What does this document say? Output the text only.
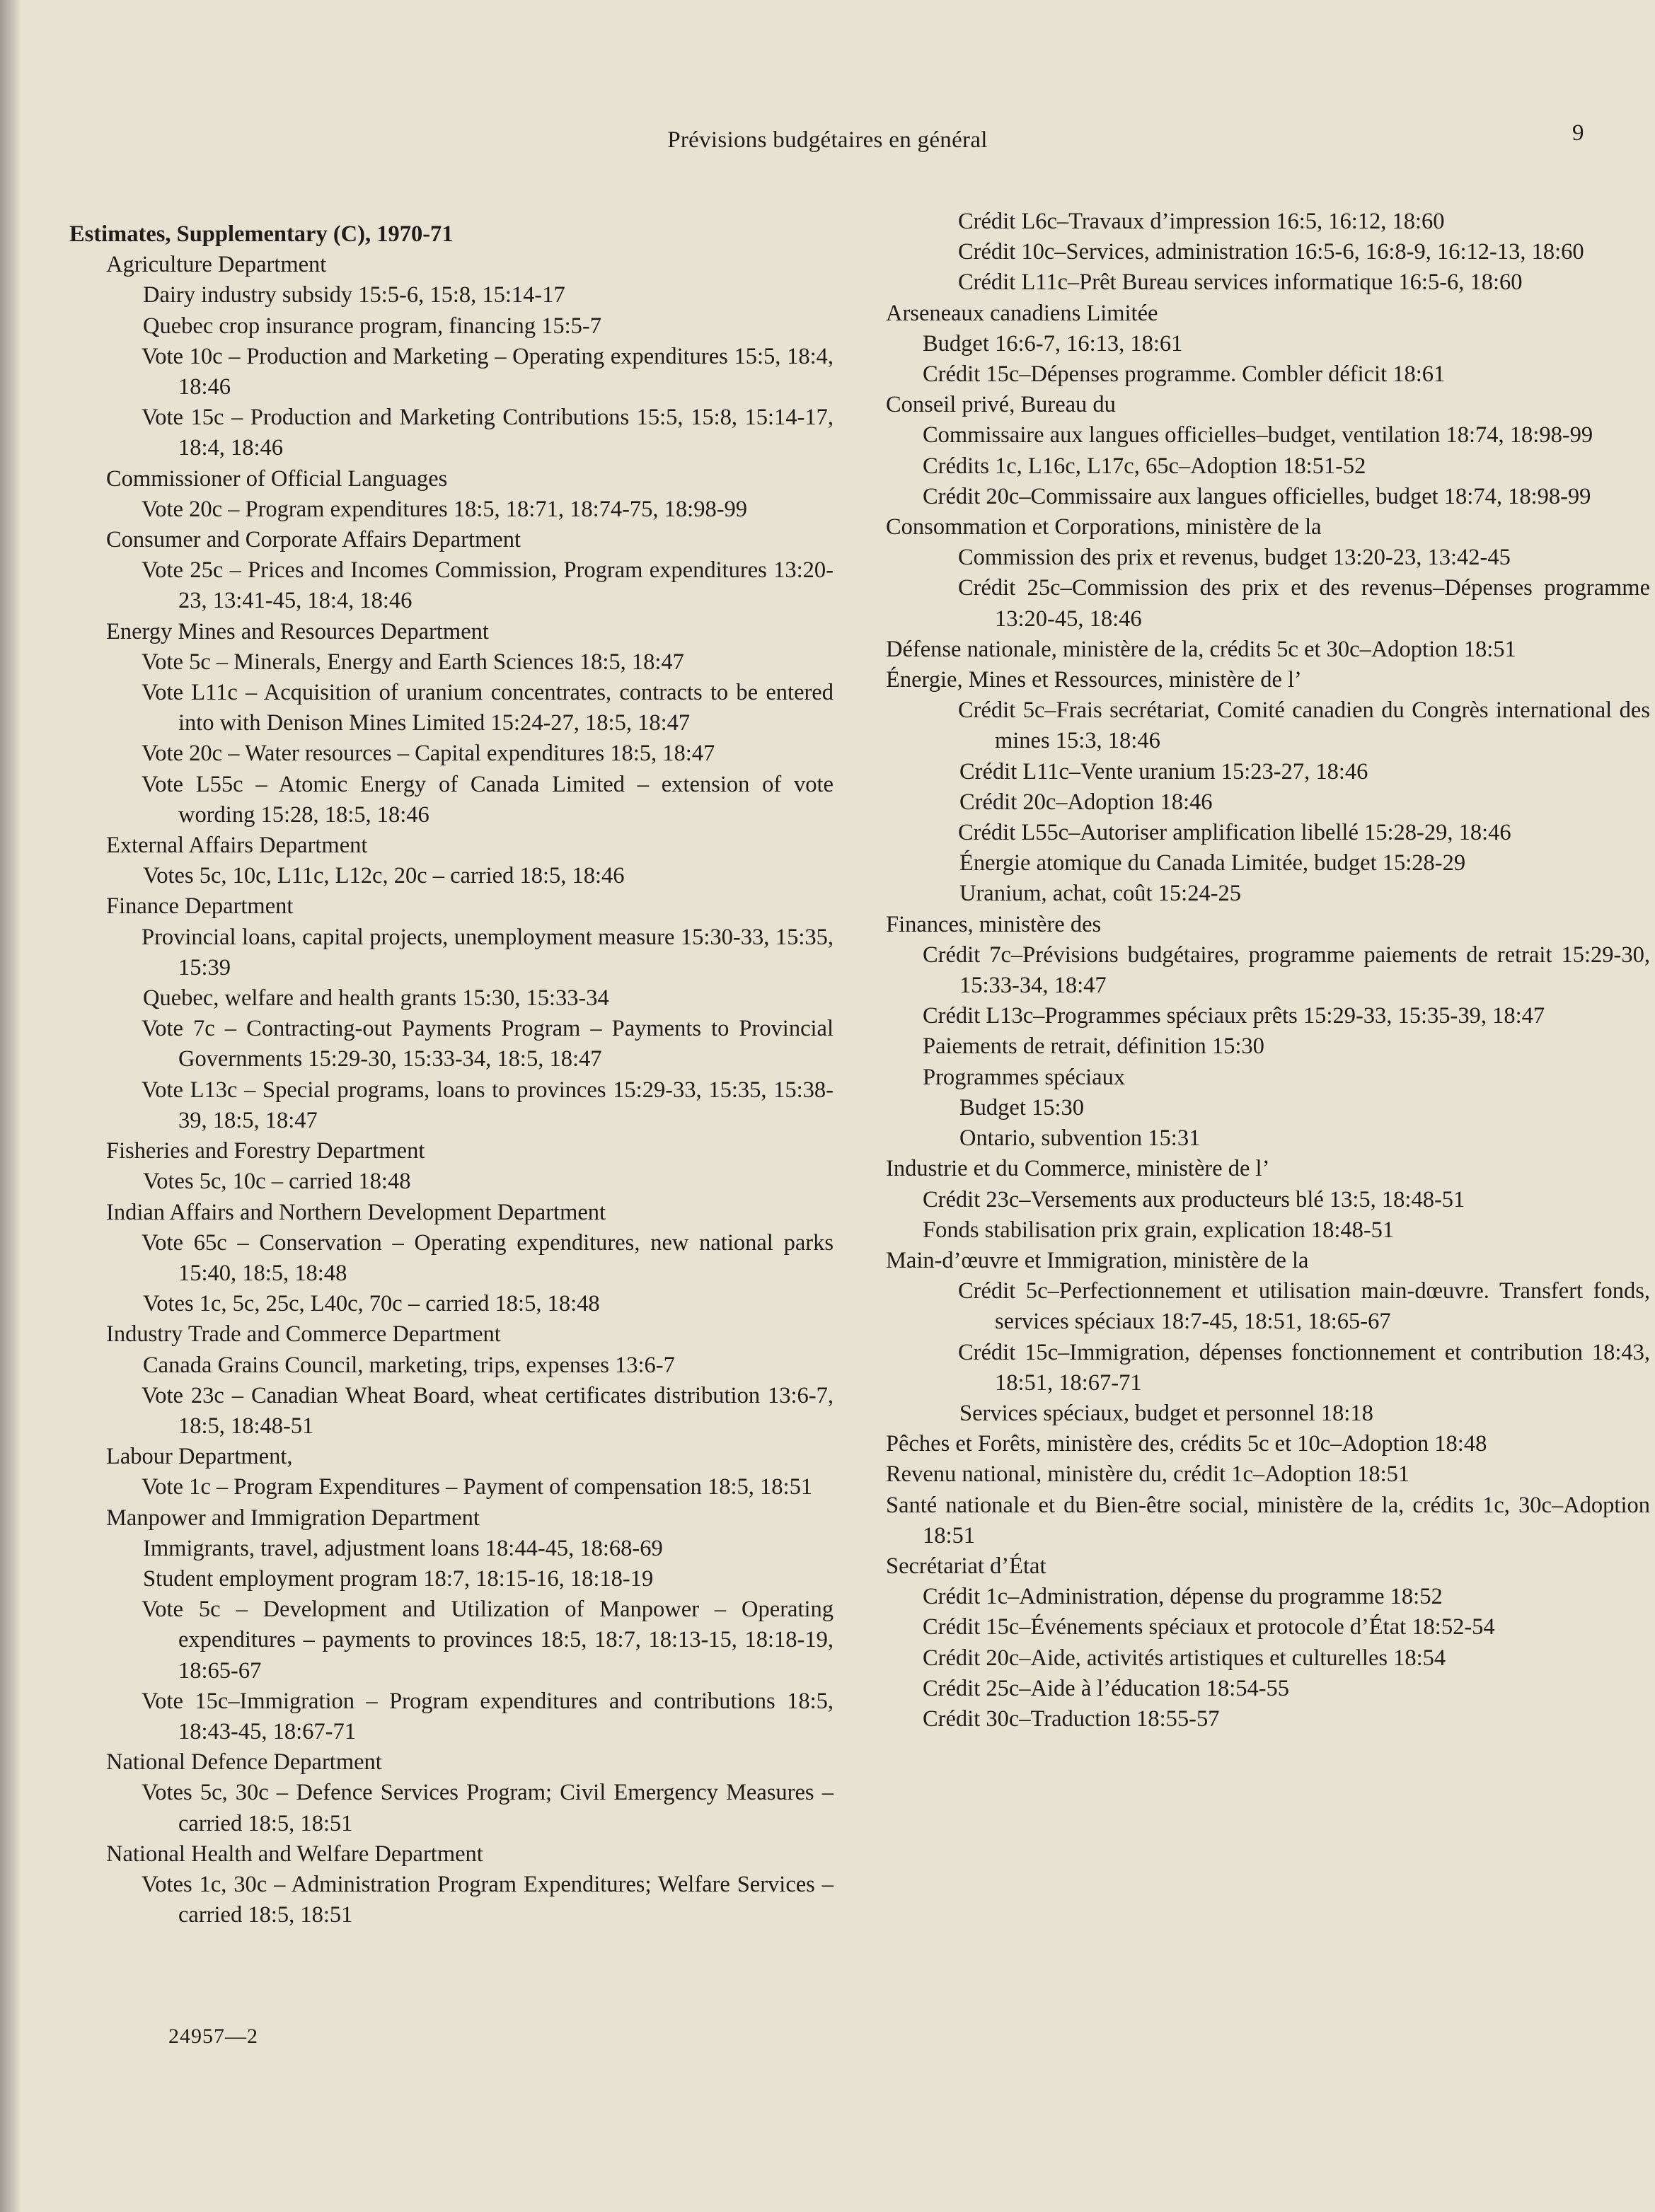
Prévisions budgétaires en général	9
Estimates, Supplementary (C), 1970-71
Agriculture Department
Dairy industry subsidy 15:5-6, 15:8, 15:14-17
Quebec crop insurance program, financing 15:5-7
Vote 10c – Production and Marketing – Operating expenditures 15:5, 18:4, 18:46
Vote 15c – Production and Marketing Contributions 15:5, 15:8, 15:14-17, 18:4, 18:46
Commissioner of Official Languages
Vote 20c – Program expenditures 18:5, 18:71, 18:74-75, 18:98-99
Consumer and Corporate Affairs Department
Vote 25c – Prices and Incomes Commission, Program expenditures 13:20-23, 13:41-45, 18:4, 18:46
Energy Mines and Resources Department
Vote 5c – Minerals, Energy and Earth Sciences 18:5, 18:47
Vote L11c – Acquisition of uranium concentrates, contracts to be entered into with Denison Mines Limited 15:24-27, 18:5, 18:47
Vote 20c – Water resources – Capital expenditures 18:5, 18:47
Vote L55c – Atomic Energy of Canada Limited – extension of vote wording 15:28, 18:5, 18:46
External Affairs Department
Votes 5c, 10c, L11c, L12c, 20c – carried 18:5, 18:46
Finance Department
Provincial loans, capital projects, unemployment measure 15:30-33, 15:35, 15:39
Quebec, welfare and health grants 15:30, 15:33-34
Vote 7c – Contracting-out Payments Program – Payments to Provincial Governments 15:29-30, 15:33-34, 18:5, 18:47
Vote L13c – Special programs, loans to provinces 15:29-33, 15:35, 15:38-39, 18:5, 18:47
Fisheries and Forestry Department
Votes 5c, 10c – carried 18:48
Indian Affairs and Northern Development Department
Vote 65c – Conservation – Operating expenditures, new national parks 15:40, 18:5, 18:48
Votes 1c, 5c, 25c, L40c, 70c – carried 18:5, 18:48
Industry Trade and Commerce Department
Canada Grains Council, marketing, trips, expenses 13:6-7
Vote 23c – Canadian Wheat Board, wheat certificates distribution 13:6-7, 18:5, 18:48-51
Labour Department,
Vote 1c – Program Expenditures – Payment of compensation 18:5, 18:51
Manpower and Immigration Department
Immigrants, travel, adjustment loans 18:44-45, 18:68-69
Student employment program 18:7, 18:15-16, 18:18-19
Vote 5c – Development and Utilization of Manpower – Operating expenditures – payments to provinces 18:5, 18:7, 18:13-15, 18:18-19, 18:65-67
Vote 15c–Immigration – Program expenditures and contributions 18:5, 18:43-45, 18:67-71
National Defence Department
Votes 5c, 30c – Defence Services Program; Civil Emergency Measures – carried 18:5, 18:51
National Health and Welfare Department
Votes 1c, 30c – Administration Program Expenditures; Welfare Services – carried 18:5, 18:51
Crédit L6c–Travaux d’impression 16:5, 16:12, 18:60
Crédit 10c–Services, administration 16:5-6, 16:8-9, 16:12-13, 18:60
Crédit L11c–Prêt Bureau services informatique 16:5-6, 18:60
Arseneaux canadiens Limitée
Budget 16:6-7, 16:13, 18:61
Crédit 15c–Dépenses programme. Combler déficit 18:61
Conseil privé, Bureau du
Commissaire aux langues officielles–budget, ventilation 18:74, 18:98-99
Crédits 1c, L16c, L17c, 65c–Adoption 18:51-52
Crédit 20c–Commissaire aux langues officielles, budget 18:74, 18:98-99
Consommation et Corporations, ministère de la
Commission des prix et revenus, budget 13:20-23, 13:42-45
Crédit 25c–Commission des prix et des revenus–Dépenses programme 13:20-45, 18:46
Défense nationale, ministère de la, crédits 5c et 30c–Adoption 18:51
Énergie, Mines et Ressources, ministère de l’
Crédit 5c–Frais secrétariat, Comité canadien du Congrès international des mines 15:3, 18:46
Crédit L11c–Vente uranium 15:23-27, 18:46
Crédit 20c–Adoption 18:46
Crédit L55c–Autoriser amplification libellé 15:28-29, 18:46
Énergie atomique du Canada Limitée, budget 15:28-29
Uranium, achat, coût 15:24-25
Finances, ministère des
Crédit 7c–Prévisions budgétaires, programme paiements de retrait 15:29-30, 15:33-34, 18:47
Crédit L13c–Programmes spéciaux prêts 15:29-33, 15:35-39, 18:47
Paiements de retrait, définition 15:30
Programmes spéciaux
Budget 15:30
Ontario, subvention 15:31
Industrie et du Commerce, ministère de l’
Crédit 23c–Versements aux producteurs blé 13:5, 18:48-51
Fonds stabilisation prix grain, explication 18:48-51
Main-d’œuvre et Immigration, ministère de la
Crédit 5c–Perfectionnement et utilisation main-dœuvre. Transfert fonds, services spéciaux 18:7-45, 18:51, 18:65-67
Crédit 15c–Immigration, dépenses fonctionnement et contribution 18:43, 18:51, 18:67-71
Services spéciaux, budget et personnel 18:18
Pêches et Forêts, ministère des, crédits 5c et 10c–Adoption 18:48
Revenu national, ministère du, crédit 1c–Adoption 18:51
Santé nationale et du Bien-être social, ministère de la, crédits 1c, 30c–Adoption 18:51
Secrétariat d’État
Crédit 1c–Administration, dépense du programme 18:52
Crédit 15c–Événements spéciaux et protocole d’État 18:52-54
Crédit 20c–Aide, activités artistiques et culturelles 18:54
Crédit 25c–Aide à l’éducation 18:54-55
Crédit 30c–Traduction 18:55-57
24957—2
